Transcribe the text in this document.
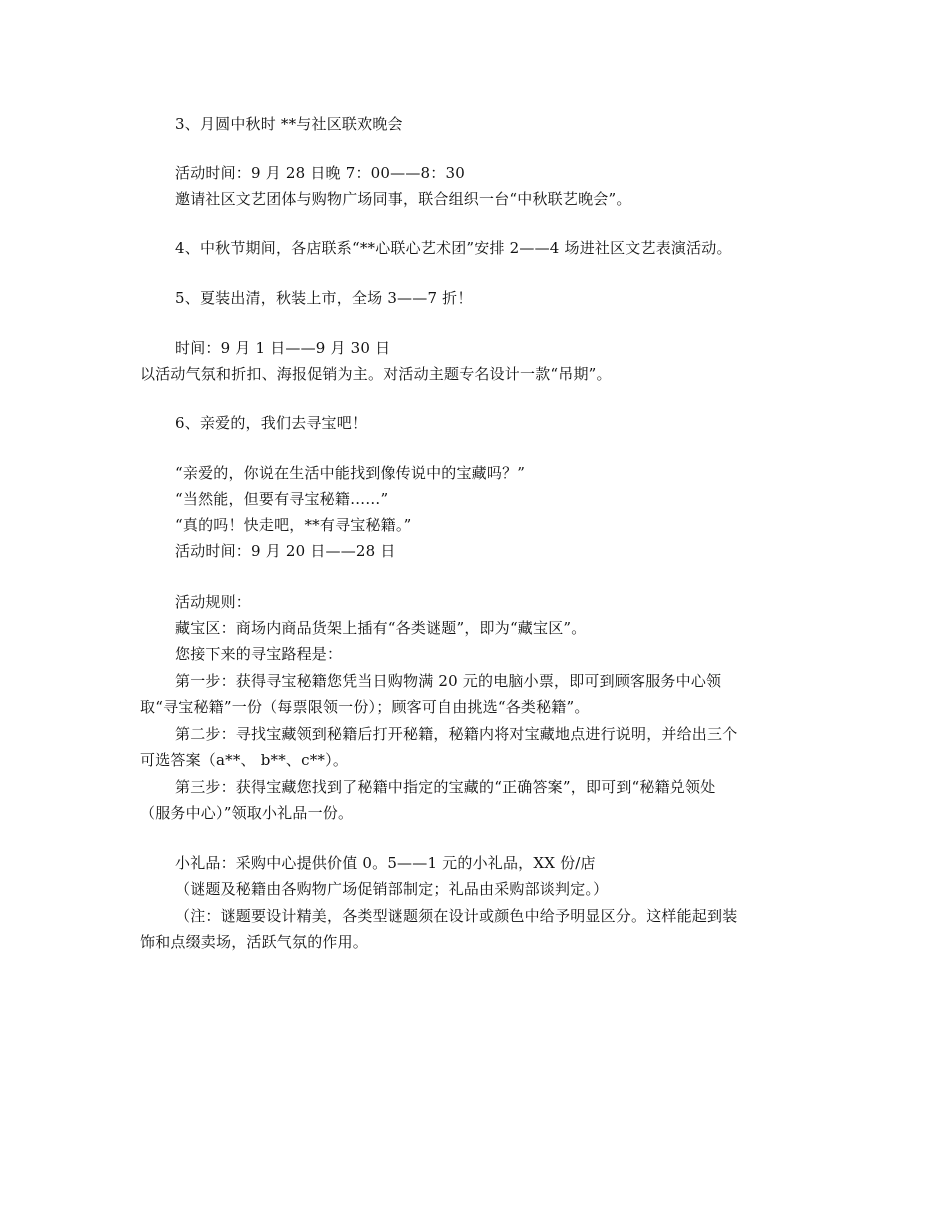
3、月圆中秋时 **与社区联欢晚会
活动时间：9 月 28 日晚 7：00——8：30
邀请社区文艺团体与购物广场同事，联合组织一台“中秋联艺晚会”。
4、中秋节期间，各店联系“**心联心艺术团”安排 2——4 场进社区文艺表演活动。
5、夏装出清，秋装上市，全场 3——7 折！
时间：9 月 1 日——9 月 30 日
以活动气氛和折扣、海报促销为主。对活动主题专名设计一款“吊期”。
6、亲爱的，我们去寻宝吧！
“亲爱的，你说在生活中能找到像传说中的宝藏吗？”
“当然能，但要有寻宝秘籍……”
“真的吗！快走吧，**有寻宝秘籍。”
活动时间：9 月 20 日——28 日
活动规则：
藏宝区：商场内商品货架上插有“各类谜题”，即为“藏宝区”。
您接下来的寻宝路程是：
第一步：获得寻宝秘籍您凭当日购物满 20 元的电脑小票，即可到顾客服务中心领
取“寻宝秘籍”一份（每票限领一份）；顾客可自由挑选“各类秘籍”。
第二步：寻找宝藏领到秘籍后打开秘籍，秘籍内将对宝藏地点进行说明，并给出三个
可选答案（a**、 b**、c**）。
第三步：获得宝藏您找到了秘籍中指定的宝藏的“正确答案”，即可到“秘籍兑领处
（服务中心）”领取小礼品一份。
小礼品：采购中心提供价值 0。5——1 元的小礼品，XX 份/店
（谜题及秘籍由各购物广场促销部制定；礼品由采购部谈判定。）
（注：谜题要设计精美，各类型谜题须在设计或颜色中给予明显区分。这样能起到装
饰和点缀卖场，活跃气氛的作用。
